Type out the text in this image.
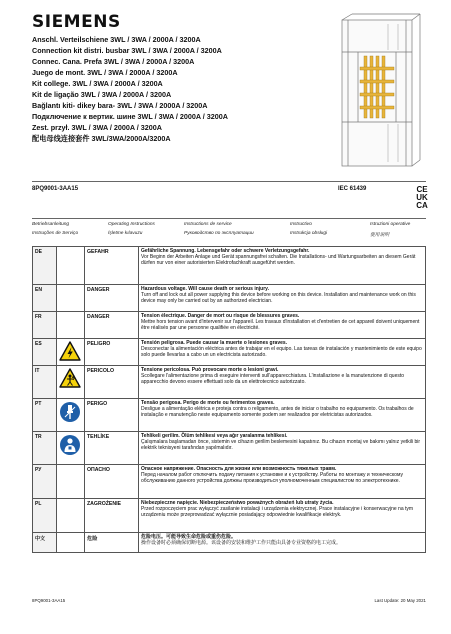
SIEMENS
Anschl. Verteilschiene 3WL / 3WA / 2000A / 3200A
Connection kit distri. busbar 3WL / 3WA / 2000A / 3200A
Connec. Cana. Prefa 3WL / 3WA / 2000A / 3200A
Juego de mont. 3WL / 3WA / 2000A / 3200A
Kit college. 3WL / 3WA / 2000A / 3200A
Kit de ligação 3WL / 3WA / 2000A / 3200A
Bağlantı kiti- dikey bara- 3WL / 3WA / 2000A / 3200A
Подключение к вертик. шине 3WL / 3WA / 2000A / 3200A
Zest. przył. 3WL / 3WA / 2000A / 3200A
配电母线连接套件 3WL/3WA/2000A/3200A
8PQ9001-3AA15	IEC 61439	CE
UK
CA
Betriebsanleitung	Operating Instructions	Instructions de service	Instructivo	Istruzioni operative
Instruções de Serviço	İşletme kılavuzu	Руководство по эксплуатации	Instrukcja obsługi	使用说明
DE		GEFAHR	Gefährliche Spannung. Lebensgefahr oder schwere Verletzungsgefahr.
Vor Beginn der Arbeiten Anlage und Gerät spannungsfrei schalten. Die Installations- und Wartungsarbeiten an diesem Gerät dürfen nur von einer autorisierten Elektrofachkraft ausgeführt werden.

EN		DANGER	Hazardous voltage. Will cause death or serious injury.
Turn off and lock out all power supplying this device before working on this device. Installation and maintenance work on this device may only be carried out by an authorized electrician.

FR		DANGER	Tension électrique. Danger de mort ou risque de blessures graves.
Mettre hors tension avant d'intervenir sur l'appareil. Les travaux d'installation et d'entretien de cet appareil doivent uniquement être réalisés par une personne qualifiée en électricité.

ES		PELIGRO	Tensión peligrosa. Puede causar la muerte o lesiones graves.
Desconectar la alimentación eléctrica antes de trabajar en el equipo. Las tareas de instalación y mantenimiento de este equipo solo puede llevarlas a cabo un un electricista autorizado.

IT		PERICOLO	Tensione pericolosa. Può provocare morte o lesioni gravi.
Scollegare l'alimentazione prima di eseguire interventi sull'apparecchiatura. L'installazione e la manutenzione di questo apparecchio devono essere effettuati solo da un elettrotecnico autorizzato.

PT		PERIGO	Tensão perigosa. Perigo de morte ou ferimentos graves.
Desligue a alimentação elétrica e proteja contra o religamento, antes de iniciar o trabalho no equipamento. Os trabalhos de instalação e manutenção neste equipamento somente podem ser realizados por eletricistas autorizados.

TR		TEHLİKE	Tehlikeli gerilim. Ölüm tehlikesi veya ağır yaralanma tehlikesi.
Çalışmalara başlamadan önce, sistemin ve cihazın gerilim beslemesini kapatınız. Bu cihazın montaj ve bakımı yalnız yetkili bir elektrik teknisyeni tarafından yapılmalıdır.

РУ		ОПАСНО	Опасное напряжение. Опасность для жизни или возможность тяжелых травм.
Перед началом работ отключить подачу питания к установке и к устройству. Работы по монтажу и техническому обслуживанию данного устройства должны производиться уполномоченным специалистом по электротехнике.

PL		ZAGROŻENIE	Niebezpieczne napięcie. Niebezpieczeństwo poważnych obrażeń lub utraty życia.
Przed rozpoczęciem prac wyłączyć zasilanie instalacji i urządzenia elektrycznej. Prace instalacyjne i konserwacyjne na tym urządzeniu może przeprowadzać wyłącznie posiadający odpowiednie kwalifikacje elektryk.

中文		危险	危险电压。可能导致生命危险或重伤危险。
操作设备时必须确保切断电源。该设备的安装和维护工作只能由具备专业资格的电工完成。
8PQ9001-3AA15	Last Update: 20 May 2021
